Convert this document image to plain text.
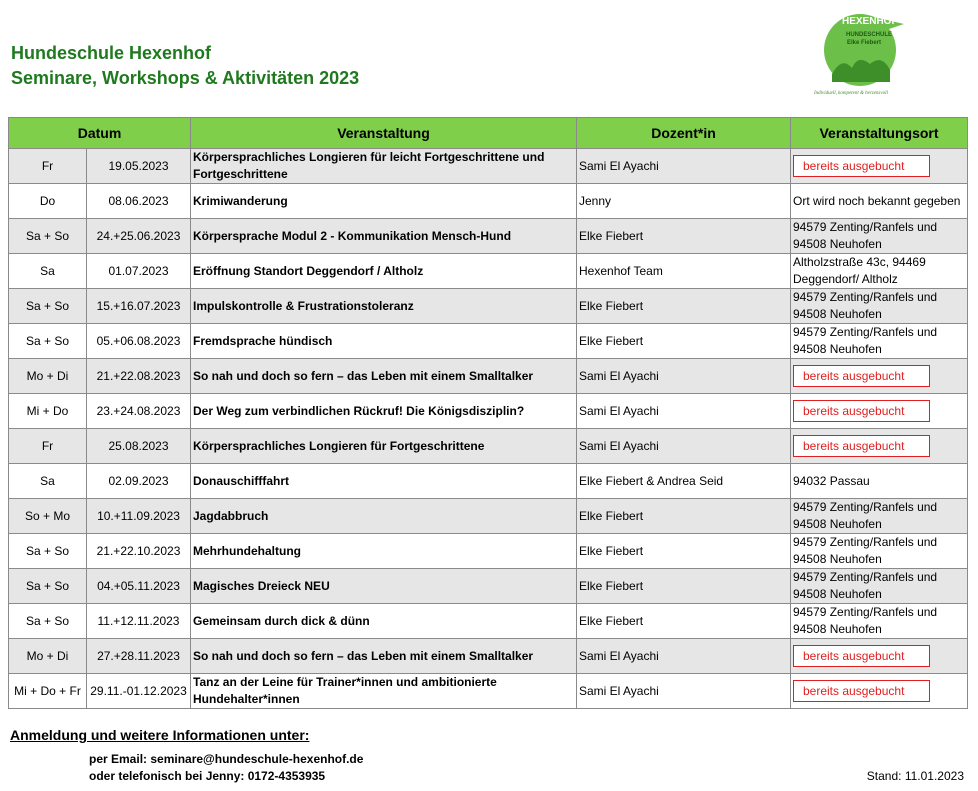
Hundeschule Hexenhof
Seminare, Workshops & Aktivitäten 2023
HEXENHOF
HUNDESCHULE
Elke Fiebert
Individuell, kompetent & herzensvoll
Datum		Veranstaltung	Dozent*in	Veranstaltungsort
Fr	19.05.2023	Körpersprachliches Longieren für leicht Fortgeschrittene und Fortgeschrittene	Sami El Ayachi	bereits ausgebucht
Do	08.06.2023	Krimiwanderung	Jenny	Ort wird noch bekannt gegeben
Sa + So	24.+25.06.2023	Körpersprache Modul 2 - Kommunikation Mensch-Hund	Elke Fiebert	94579 Zenting/Ranfels und 94508 Neuhofen
Sa	01.07.2023	Eröffnung Standort Deggendorf / Altholz	Hexenhof Team	Altholzstraße 43c, 94469 Deggendorf/ Altholz
Sa + So	15.+16.07.2023	Impulskontrolle & Frustrationstoleranz	Elke Fiebert	94579 Zenting/Ranfels und 94508 Neuhofen
Sa + So	05.+06.08.2023	Fremdsprache hündisch	Elke Fiebert	94579 Zenting/Ranfels und 94508 Neuhofen
Mo + Di	21.+22.08.2023	So nah und doch so fern – das Leben mit einem Smalltalker	Sami El Ayachi	bereits ausgebucht
Mi + Do	23.+24.08.2023	Der Weg zum verbindlichen Rückruf! Die Königsdisziplin?	Sami El Ayachi	bereits ausgebucht
Fr	25.08.2023	Körpersprachliches Longieren für Fortgeschrittene	Sami El Ayachi	bereits ausgebucht
Sa	02.09.2023	Donauschifffahrt	Elke Fiebert & Andrea Seid	94032 Passau
So + Mo	10.+11.09.2023	Jagdabbruch	Elke Fiebert	94579 Zenting/Ranfels und 94508 Neuhofen
Sa + So	21.+22.10.2023	Mehrhundehaltung	Elke Fiebert	94579 Zenting/Ranfels und 94508 Neuhofen
Sa + So	04.+05.11.2023	Magisches Dreieck NEU	Elke Fiebert	94579 Zenting/Ranfels und 94508 Neuhofen
Sa + So	11.+12.11.2023	Gemeinsam durch dick & dünn	Elke Fiebert	94579 Zenting/Ranfels und 94508 Neuhofen
Mo + Di	27.+28.11.2023	So nah und doch so fern – das Leben mit einem Smalltalker	Sami El Ayachi	bereits ausgebucht
Mi + Do + Fr	29.11.-01.12.2023	Tanz an der Leine für Trainer*innen und ambitionierte Hundehalter*innen	Sami El Ayachi	bereits ausgebucht
Anmeldung und weitere Informationen unter:
per Email: seminare@hundeschule-hexenhof.de
oder telefonisch bei Jenny: 0172-4353935	Stand: 11.01.2023
